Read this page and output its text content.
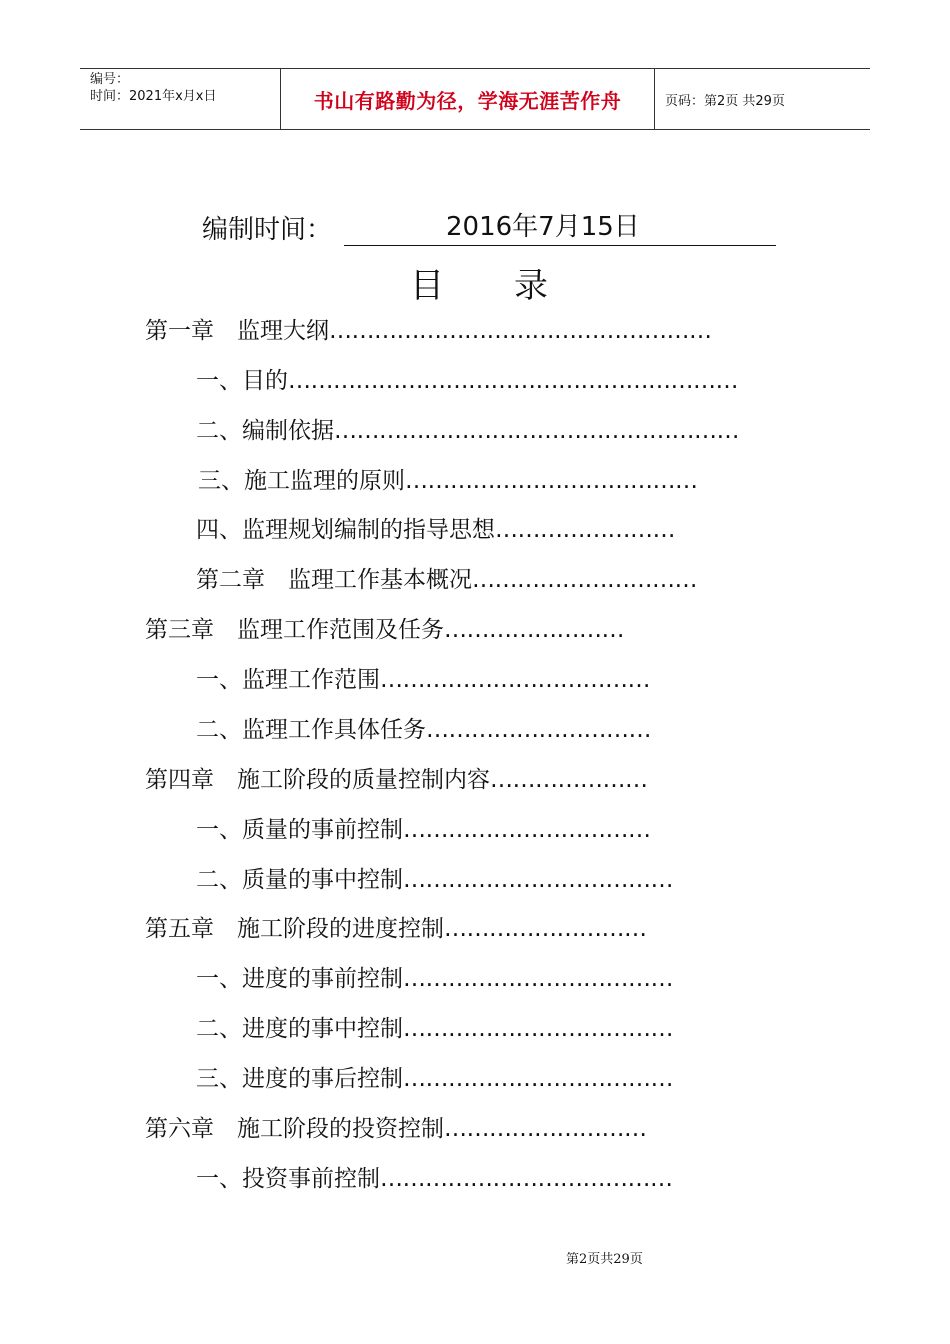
编号：
时间：2021年x月x日	书山有路勤为径，学海无涯苦作舟	页码：第2页 共29页
编制时间：	2016年7月15日
目录
第一章　监理大纲……………………………………………
一、目的……………………………………………………
二、编制依据………………………………………………
三、施工监理的原则…………………………………
四、监理规划编制的指导思想……………………
第二章　监理工作基本概况…………………………
第三章　监理工作范围及任务……………………
一、监理工作范围………………………………
二、监理工作具体任务…………………………
第四章　施工阶段的质量控制内容…………………
一、质量的事前控制……………………………
二、质量的事中控制………………………………
第五章　施工阶段的进度控制………………………
一、进度的事前控制………………………………
二、进度的事中控制………………………………
三、进度的事后控制………………………………
第六章　施工阶段的投资控制………………………
一、投资事前控制…………………………………
第2页共29页
